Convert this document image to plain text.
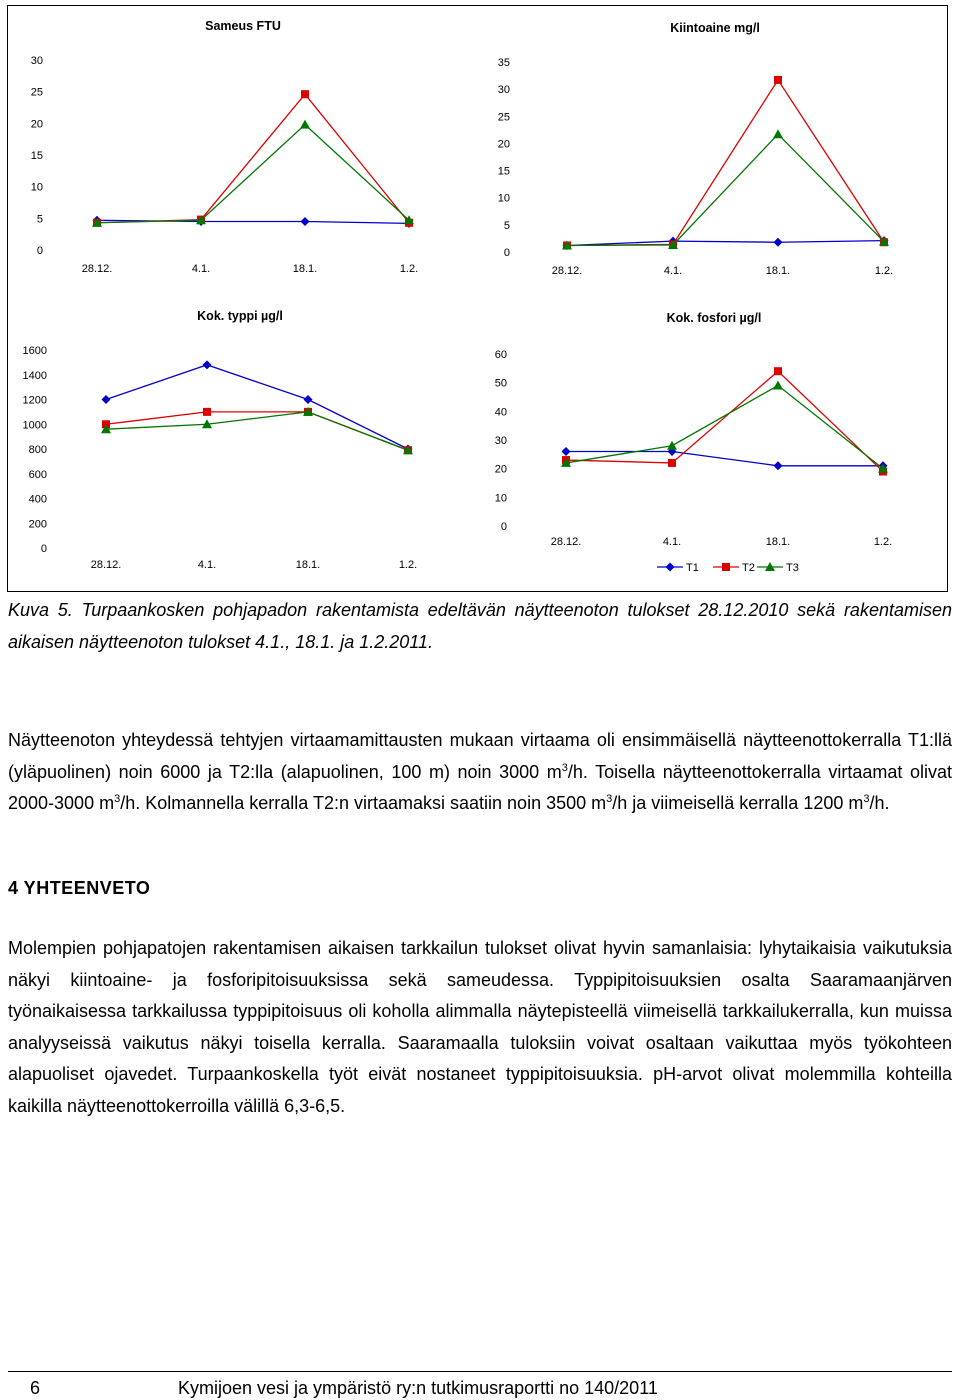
Sameus FTU
0
5
10
15
20
25
30
28.12.	4.1.	18.1.	1.2.
Kiintoaine mg/l
0
5
10
15
20
25
30
35
28.12.	4.1.	18.1.	1.2.
Kok. typpi µg/l
0
200
400
600
800
1000
1200
1400
1600
28.12.	4.1.	18.1.	1.2.
Kok. fosfori µg/l
0
10
20
30
40
50
60
28.12.	4.1.	18.1.	1.2.
T1	T2	T3
Kuva 5. Turpaankosken pohjapadon rakentamista edeltävän näytteenoton tulokset 28.12.2010 sekä rakentamisen aikaisen näytteenoton tulokset 4.1., 18.1. ja 1.2.2011.
Näytteenoton yhteydessä tehtyjen virtaamamittausten mukaan virtaama oli ensimmäisellä näytteenottokerralla T1:llä (yläpuolinen) noin 6000 ja T2:lla (alapuolinen, 100 m) noin 3000 $m^3/h$. Toisella näytteenottokerralla virtaamat olivat 2000-3000 $m^3/h$. Kolmannella kerralla T2:n virtaamaksi saatiin noin 3500 $m^3/h$ ja viimeisellä kerralla 1200 $m^3/h$.
4 YHTEENVETO
Molempien pohjapatojen rakentamisen aikaisen tarkkailun tulokset olivat hyvin samanlaisia: lyhytaikaisia vaikutuksia näkyi kiintoaine- ja fosforipitoisuuksissa sekä sameudessa. Typpipitoisuuksien osalta Saaramaanjärven työnaikaisessa tarkkailussa typpipitoisuus oli koholla alimmalla näytepisteellä viimeisellä tarkkailukerralla, kun muissa analyyseissä vaikutus näkyi toisella kerralla. Saaramaalla tuloksiin voivat osaltaan vaikuttaa myös työkohteen alapuoliset ojavedet. Turpaankoskella työt eivät nostaneet typpipitoisuuksia. pH-arvot olivat molemmilla kohteilla kaikilla näytteenottokerroilla välillä 6,3-6,5.
6	Kymijoen vesi ja ympäristö ry:n tutkimusraportti no 140/2011
